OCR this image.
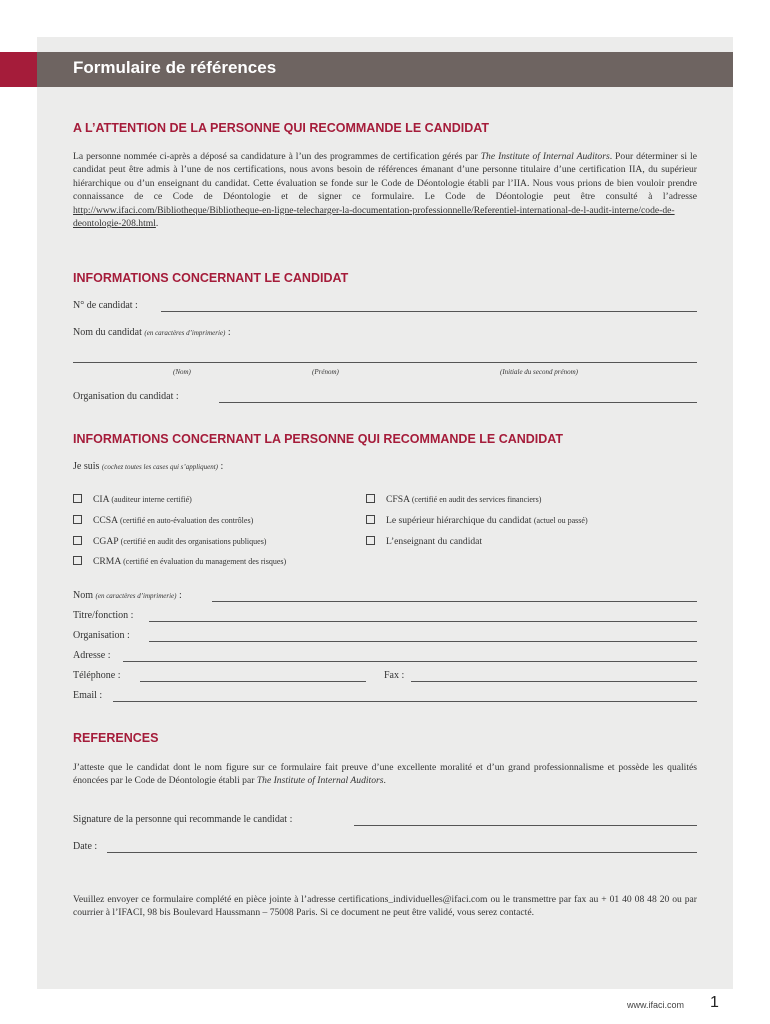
Formulaire de références
A L’ATTENTION DE LA PERSONNE QUI RECOMMANDE LE CANDIDAT
La personne nommée ci-après a déposé sa candidature à l’un des programmes de certification gérés par The Institute of Internal Auditors. Pour déterminer si le candidat peut être admis à l’une de nos certifications, nous avons besoin de références émanant d’une personne titulaire d’une certification IIA, du supérieur hiérarchique ou d’un enseignant du candidat. Cette évaluation se fonde sur le Code de Déontologie établi par l’IIA. Nous vous prions de bien vouloir prendre connaissance de ce Code de Déontologie et de signer ce formulaire. Le Code de Déontologie peut être consulté à l’adresse http://www.ifaci.com/Bibliotheque/Bibliotheque-en-ligne-telecharger-la-documentation-professionnelle/Referentiel-international-de-l-audit-interne/code-de-deontologie-208.html.
INFORMATIONS CONCERNANT LE CANDIDAT
N° de candidat :
Nom du candidat (en caractères d’imprimerie) :
(Nom)	(Prénom)	(Initiale du second prénom)
Organisation du candidat :
INFORMATIONS CONCERNANT LA PERSONNE QUI RECOMMANDE LE CANDIDAT
Je suis (cochez toutes les cases qui s’appliquent) :
CIA (auditeur interne certifié)	CFSA (certifié en audit des services financiers)
CCSA (certifié en auto-évaluation des contrôles)	Le supérieur hiérarchique du candidat (actuel ou passé)
CGAP (certifié en audit des organisations publiques)	L’enseignant du candidat
CRMA (certifié en évaluation du management des risques)
Nom (en caractères d’imprimerie) :
Titre/fonction :
Organisation :
Adresse :
Téléphone :	Fax :
Email :
REFERENCES
J’atteste que le candidat dont le nom figure sur ce formulaire fait preuve d’une excellente moralité et d’un grand professionnalisme et possède les qualités énoncées par le Code de Déontologie établi par The Institute of Internal Auditors.
Signature de la personne qui recommande le candidat :
Date :
Veuillez envoyer ce formulaire complété en pièce jointe à l’adresse certifications_individuelles@ifaci.com ou le transmettre par fax au + 01 40 08 48 20 ou par courrier à l’IFACI, 98 bis Boulevard Haussmann – 75008 Paris. Si ce document ne peut être validé, vous serez contacté.
www.ifaci.com 1
